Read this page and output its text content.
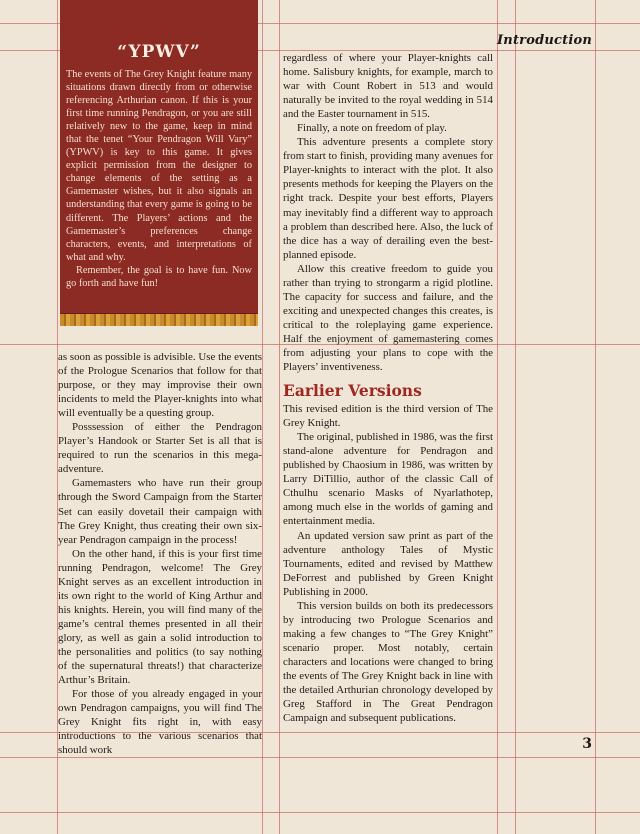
Introduction
“YPWV”

The events of The Grey Knight feature many situations drawn directly from or otherwise referencing Arthurian canon. If this is your first time running Pendragon, or you are still relatively new to the game, keep in mind that the tenet “Your Pendragon Will Vary” (YPWV) is key to this game. It gives explicit permission from the designer to change elements of the setting as a Gamemaster wishes, but it also signals an understanding that every game is going to be different. The Players’ actions and the Gamemaster’s preferences change characters, events, and interpretations of what and why.

Remember, the goal is to have fun. Now go forth and have fun!

as soon as possible is advisible. Use the events of the Prologue Scenarios that follow for that purpose, or they may improvise their own incidents to meld the Player-knights into what will eventually be a questing group.

Posssession of either the Pendragon Player’s Handook or Starter Set is all that is required to run the scenarios in this mega-adventure.

Gamemasters who have run their group through the Sword Campaign from the Starter Set can easily dovetail their campaign with The Grey Knight, thus creating their own six-year Pendragon campaign in the process!

On the other hand, if this is your first time running Pendragon, welcome! The Grey Knight serves as an excellent introduction in its own right to the world of King Arthur and his knights. Herein, you will find many of the game’s central themes presented in all their glory, as well as gain a solid introduction to the personalities and politics (to say nothing of the supernatural threats!) that characterize Arthur’s Britain.

For those of you already engaged in your own Pendragon campaigns, you will find The Grey Knight fits right in, with easy introductions to the various scenarios that should work

regardless of where your Player-knights call home. Salisbury knights, for example, march to war with Count Robert in 513 and would naturally be invited to the royal wedding in 514 and the Easter tournament in 515.

Finally, a note on freedom of play.

This adventure presents a complete story from start to finish, providing many avenues for Player-knights to interact with the plot. It also presents methods for keeping the Players on the right track. Despite your best efforts, Players may inevitably find a different way to approach a problem than described here. Also, the luck of the dice has a way of derailing even the best-planned episode.

Allow this creative freedom to guide you rather than trying to strongarm a rigid plotline. The capacity for success and failure, and the exciting and unexpected changes this creates, is critical to the roleplaying game experience. Half the enjoyment of gamemastering comes from adjusting your plans to cope with the Players’ inventiveness.

Earlier Versions

This revised edition is the third version of The Grey Knight.

The original, published in 1986, was the first stand-alone adventure for Pendragon and published by Chaosium in 1986, was written by Larry DiTillio, author of the classic Call of Cthulhu scenario Masks of Nyarlathotep, among much else in the worlds of gaming and entertainment media.

An updated version saw print as part of the adventure anthology Tales of Mystic Tournaments, edited and revised by Matthew DeForrest and published by Green Knight Publishing in 2000.

This version builds on both its predecessors by introducing two Prologue Scenarios and making a few changes to “The Grey Knight” scenario proper. Most notably, certain characters and locations were changed to bring the events of The Grey Knight back in line with the detailed Arthurian chronology developed by Greg Stafford in The Great Pendragon Campaign and subsequent publications.

3
